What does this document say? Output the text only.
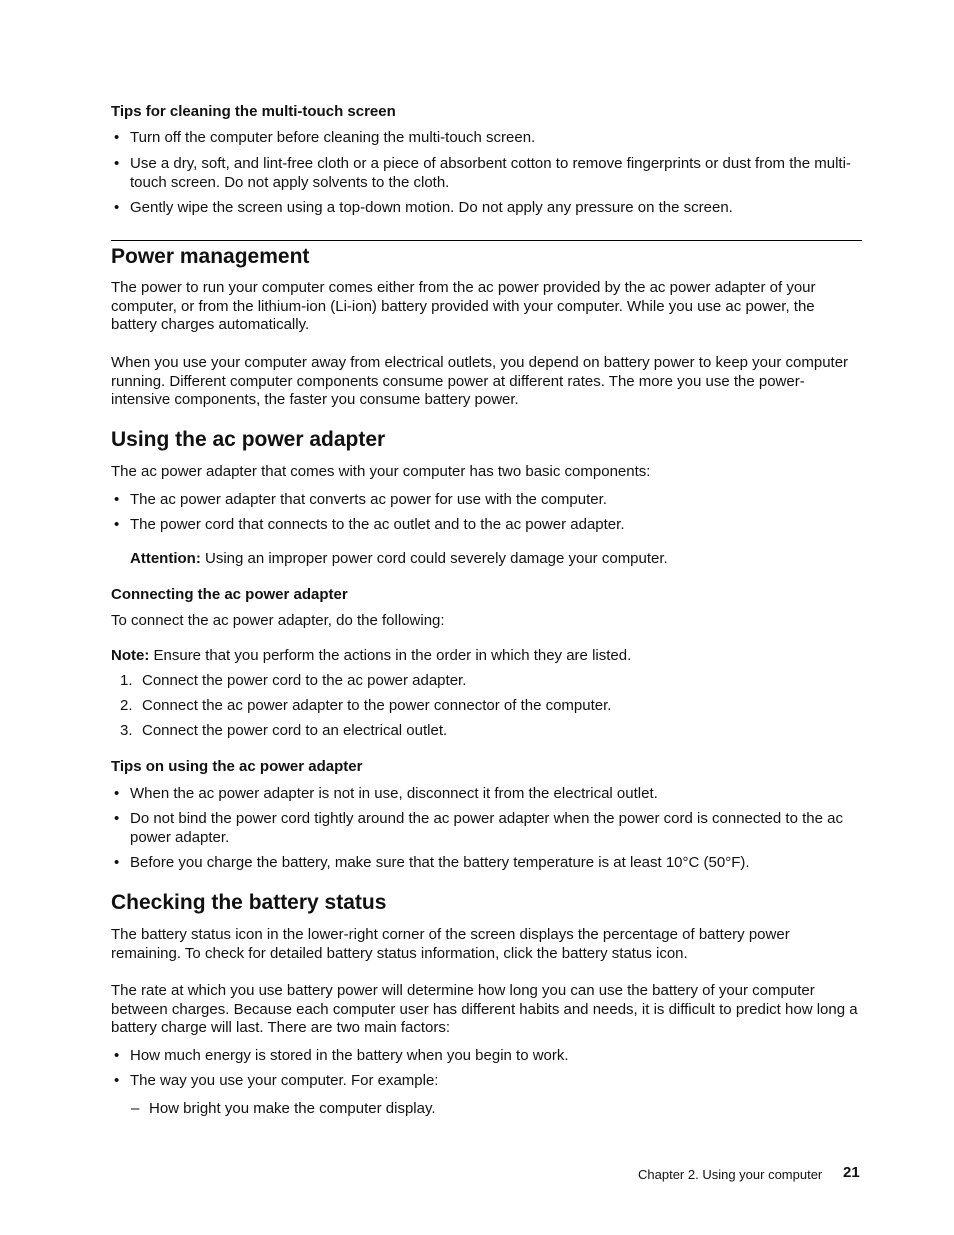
Tips for cleaning the multi-touch screen
• Turn off the computer before cleaning the multi-touch screen.
• Use a dry, soft, and lint-free cloth or a piece of absorbent cotton to remove fingerprints or dust from the multi-touch screen. Do not apply solvents to the cloth.
• Gently wipe the screen using a top-down motion. Do not apply any pressure on the screen.
Power management
The power to run your computer comes either from the ac power provided by the ac power adapter of your computer, or from the lithium-ion (Li-ion) battery provided with your computer. While you use ac power, the battery charges automatically.
When you use your computer away from electrical outlets, you depend on battery power to keep your computer running. Different computer components consume power at different rates. The more you use the power-intensive components, the faster you consume battery power.
Using the ac power adapter
The ac power adapter that comes with your computer has two basic components:
• The ac power adapter that converts ac power for use with the computer.
• The power cord that connects to the ac outlet and to the ac power adapter.
Attention: Using an improper power cord could severely damage your computer.
Connecting the ac power adapter
To connect the ac power adapter, do the following:
Note: Ensure that you perform the actions in the order in which they are listed.
1. Connect the power cord to the ac power adapter.
2. Connect the ac power adapter to the power connector of the computer.
3. Connect the power cord to an electrical outlet.
Tips on using the ac power adapter
• When the ac power adapter is not in use, disconnect it from the electrical outlet.
• Do not bind the power cord tightly around the ac power adapter when the power cord is connected to the ac power adapter.
• Before you charge the battery, make sure that the battery temperature is at least 10°C (50°F).
Checking the battery status
The battery status icon in the lower-right corner of the screen displays the percentage of battery power remaining. To check for detailed battery status information, click the battery status icon.
The rate at which you use battery power will determine how long you can use the battery of your computer between charges. Because each computer user has different habits and needs, it is difficult to predict how long a battery charge will last. There are two main factors:
• How much energy is stored in the battery when you begin to work.
• The way you use your computer. For example:
– How bright you make the computer display.
Chapter 2. Using your computer 21
